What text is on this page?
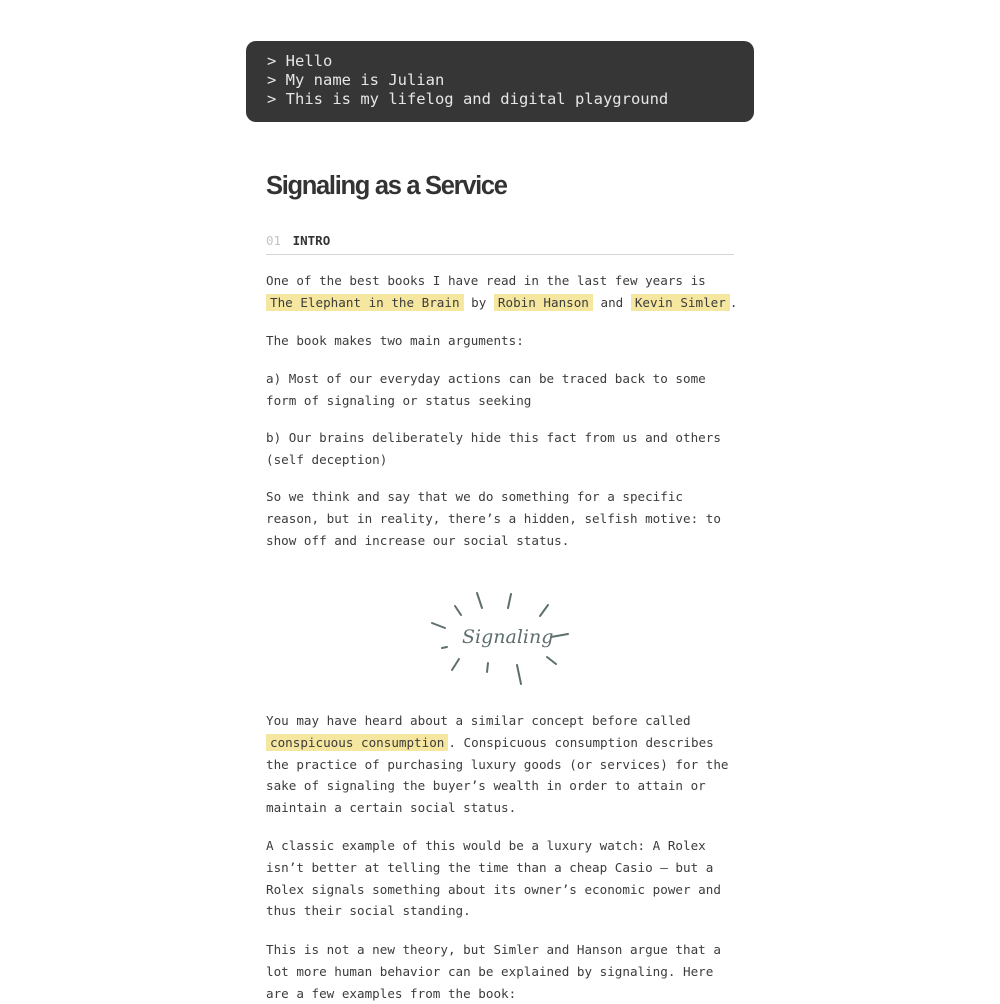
> Hello
> My name is Julian
> This is my lifelog and digital playground
Signaling as a Service
01 INTRO

One of the best books I have read in the last few years is The Elephant in the Brain by Robin Hanson and Kevin Simler .

The book makes two main arguments:

a) Most of our everyday actions can be traced back to some form of signaling or status seeking

b) Our brains deliberately hide this fact from us and others (self deception)

So we think and say that we do something for a specific reason, but in reality, there’s a hidden, selfish motive: to show off and increase our social status.

You may have heard about a similar concept before called conspicuous consumption . Conspicuous consumption describes the practice of purchasing luxury goods (or services) for the sake of signaling the buyer’s wealth in order to attain or maintain a certain social status.

A classic example of this would be a luxury watch: A Rolex isn’t better at telling the time than a cheap Casio — but a Rolex signals something about its owner’s economic power and thus their social standing.

This is not a new theory, but Simler and Hanson argue that a lot more human behavior can be explained by signaling. Here are a few examples from the book:

Signaling
